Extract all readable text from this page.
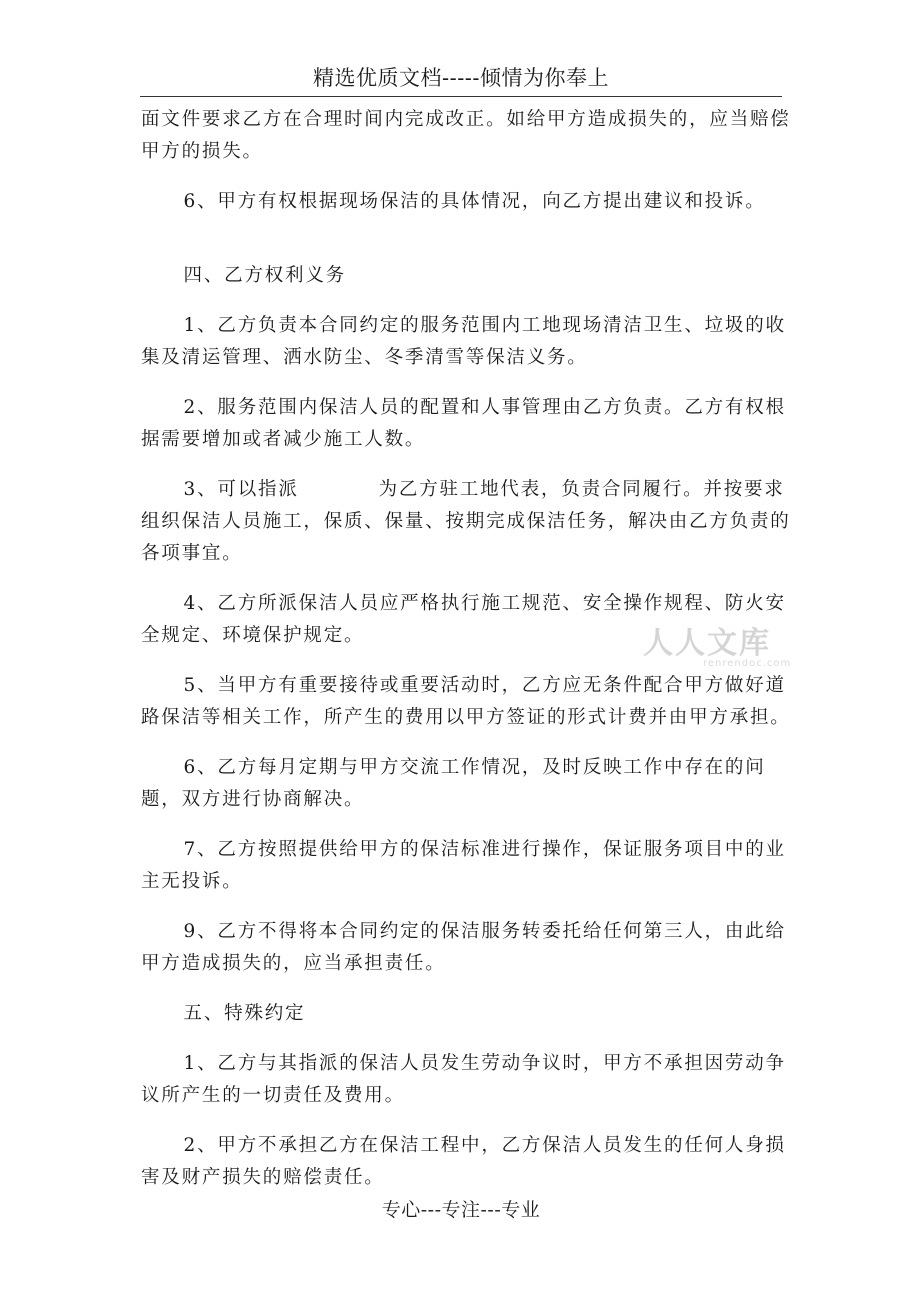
精选优质文档-----倾情为你奉上

面文件要求乙方在合理时间内完成改正。如给甲方造成损失的，应当赔偿甲方的损失。

6、甲方有权根据现场保洁的具体情况，向乙方提出建议和投诉。

四、乙方权利义务

1、乙方负责本合同约定的服务范围内工地现场清洁卫生、垃圾的收集及清运管理、洒水防尘、冬季清雪等保洁义务。

2、服务范围内保洁人员的配置和人事管理由乙方负责。乙方有权根据需要增加或者减少施工人数。

3、可以指派	为乙方驻工地代表，负责合同履行。并按要求组织保洁人员施工，保质、保量、按期完成保洁任务，解决由乙方负责的各项事宜。

4、乙方所派保洁人员应严格执行施工规范、安全操作规程、防火安全规定、环境保护规定。

5、当甲方有重要接待或重要活动时，乙方应无条件配合甲方做好道路保洁等相关工作，所产生的费用以甲方签证的形式计费并由甲方承担。

6、乙方每月定期与甲方交流工作情况，及时反映工作中存在的问题，双方进行协商解决。

7、乙方按照提供给甲方的保洁标准进行操作，保证服务项目中的业主无投诉。

9、乙方不得将本合同约定的保洁服务转委托给任何第三人，由此给甲方造成损失的，应当承担责任。

五、特殊约定

1、乙方与其指派的保洁人员发生劳动争议时，甲方不承担因劳动争议所产生的一切责任及费用。

2、甲方不承担乙方在保洁工程中，乙方保洁人员发生的任何人身损害及财产损失的赔偿责任。

人人文库
renrendoc.com
专心---专注---专业
